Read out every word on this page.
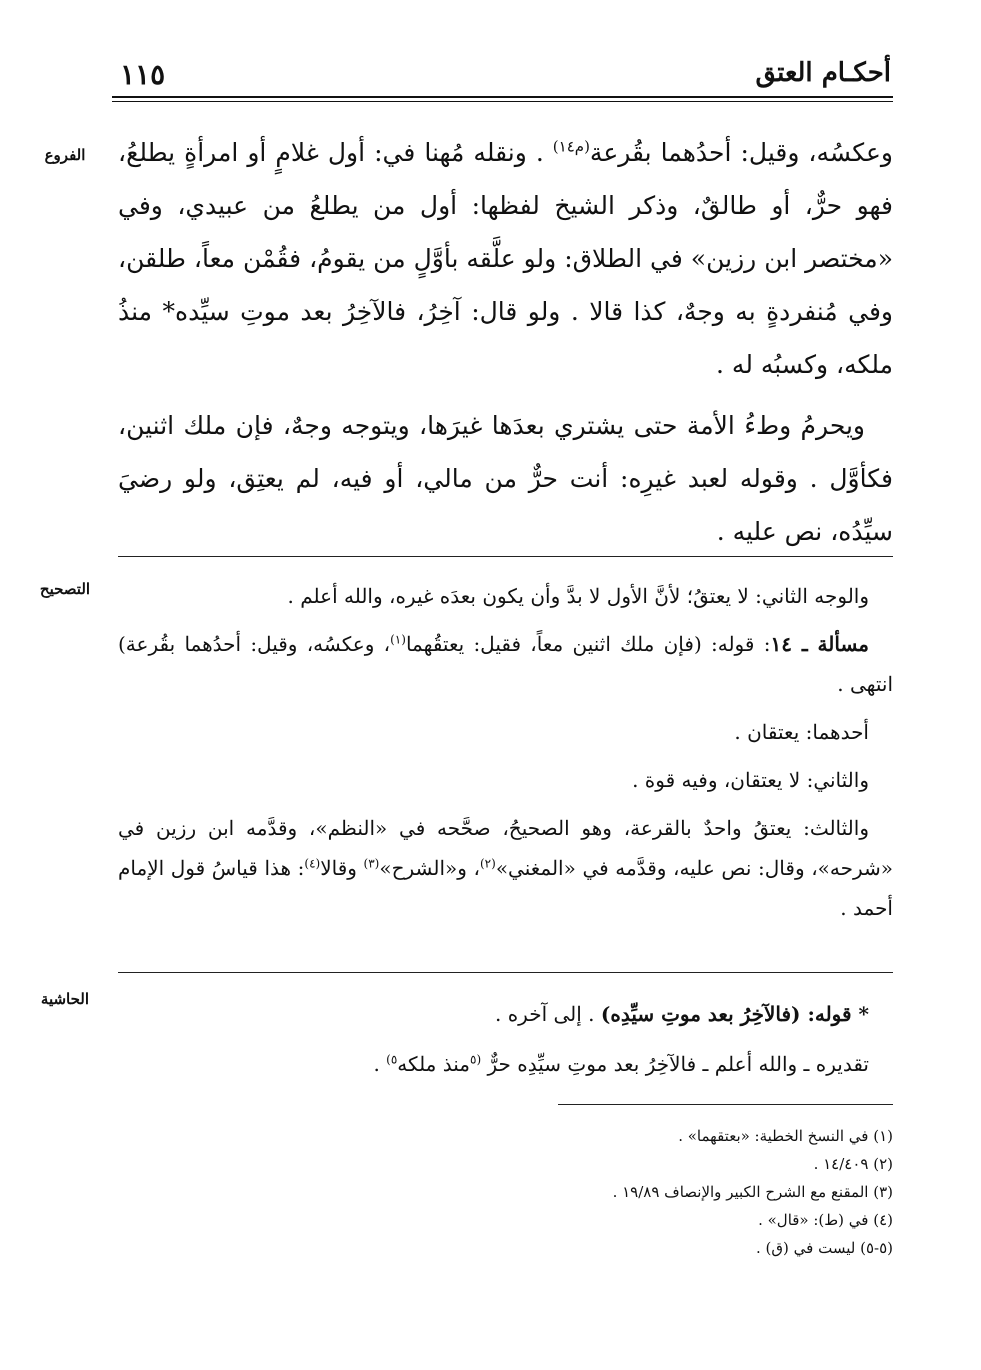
أحكـام العتق
١١٥
الفروع
التصحيح
الحاشية

وعكسُه، وقيل: أحدُهما بقُرعة$^{(م١٤)}$ . ونقله مُهنا في: أول غلامٍ أو امرأةٍ يطلعُ، فهو حرٌّ، أو طالقٌ، وذكر الشيخ لفظها: أول من يطلعُ من عبيدي، وفي «مختصر ابن رزين» في الطلاق: ولو علَّقه بأوَّلٍ من يقومُ، فقُمْن معاً، طلقن، وفي مُنفردةٍ به وجهٌ، كذا قالا . ولو قال: آخِرُ، فالآخِرُ بعد موتِ سيِّده* منذُ ملكه، وكسبُه له .

ويحرمُ وطءُ الأمة حتى يشتري بعدَها غيرَها، ويتوجه وجهٌ، فإن ملك اثنين، فكأوَّل . وقوله لعبد غيرِه: أنت حرٌّ من مالي، أو فيه، لم يعتِق، ولو رضيَ سيِّدُه، نص عليه .

والوجه الثاني: لا يعتقُ؛ لأنَّ الأول لا بدَّ وأن يكون بعدَه غيره، والله أعلم .

مسألة ـ ١٤: قوله: (فإن ملك اثنين معاً، فقيل: يعتقُهما$^{(١)}$، وعكسُه، وقيل: أحدُهما بقُرعة) انتهى .

أحدهما: يعتقان .

والثاني: لا يعتقان، وفيه قوة .

والثالث: يعتقُ واحدٌ بالقرعة، وهو الصحيحُ، صحَّحه في «النظم»، وقدَّمه ابن رزين في «شرحه»، وقال: نص عليه، وقدَّمه في «المغني»$^{(٢)}$، و«الشرح»$^{(٣)}$ وقالا$^{(٤)}$: هذا قياسُ قول الإمام أحمد .

* قوله: (فالآخِرُ بعد موتِ سيِّدِه) . إلى آخره .

تقديره ـ والله أعلم ـ فالآخِرُ بعد موتِ سيِّدِه حرٌّ $^{(٥}$منذ ملكه$^{٥)}$ .

(١) في النسخ الخطية: «بعتقهما» .

(٢) ١٤/٤٠٩ .

(٣) المقنع مع الشرح الكبير والإنصاف ١٩/٨٩ .

(٤) في (ط): «قال» .

(٥-٥) ليست في (ق) .
